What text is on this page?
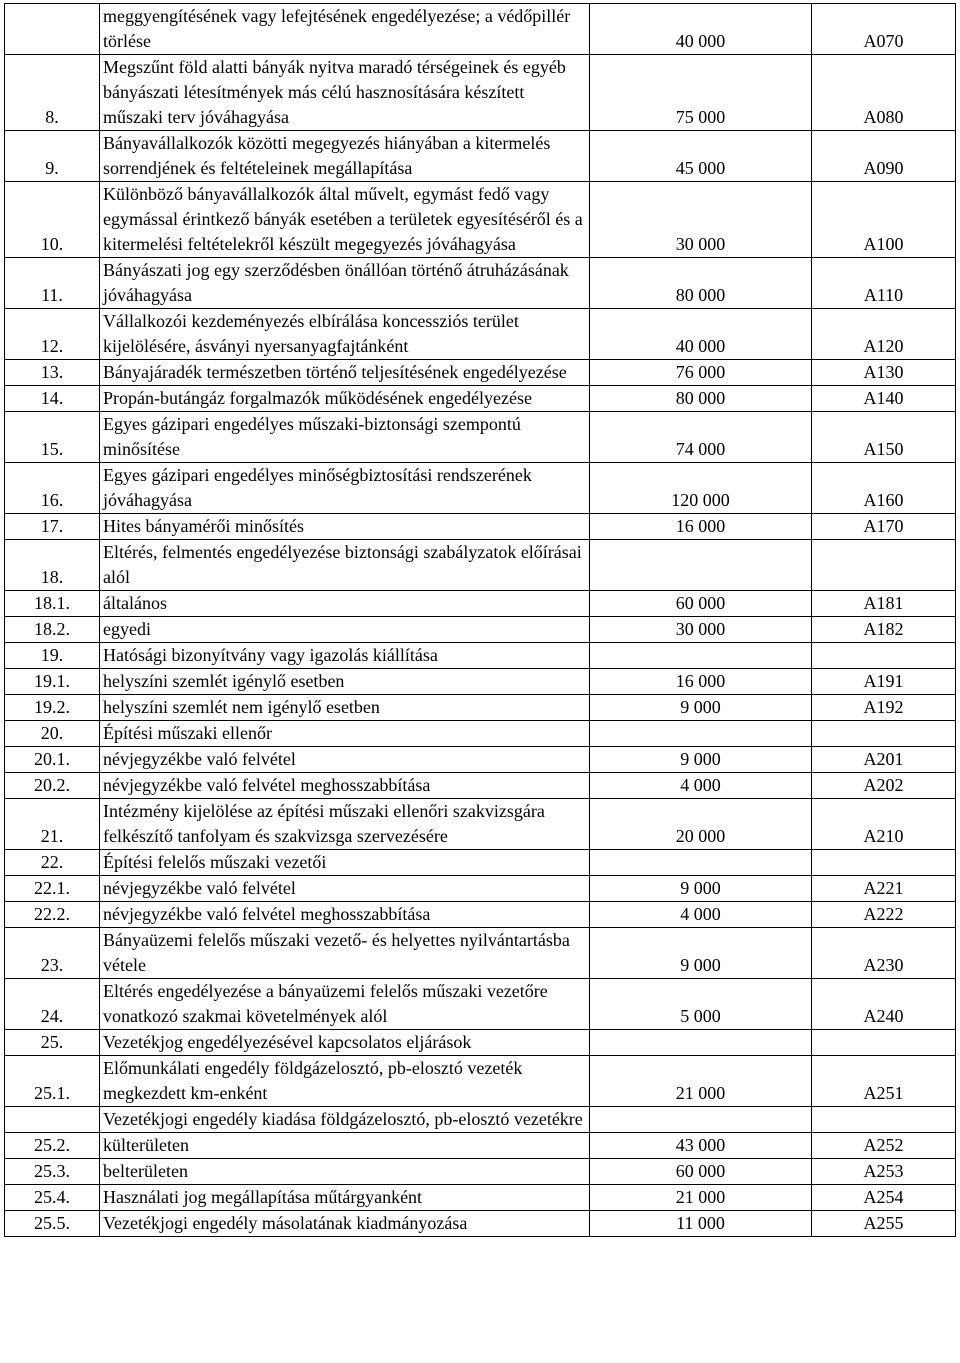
	meggyengítésének vagy lefejtésének engedélyezése; a védőpillér törlése	40 000	A070
8.	Megszűnt föld alatti bányák nyitva maradó térségeinek és egyéb bányászati létesítmények más célú hasznosítására készített műszaki terv jóváhagyása	75 000	A080
9.	Bányavállalkozók közötti megegyezés hiányában a kitermelés sorrendjének és feltételeinek megállapítása	45 000	A090
10.	Különböző bányavállalkozók által művelt, egymást fedő vagy egymással érintkező bányák esetében a területek egyesítéséről és a kitermelési feltételekről készült megegyezés jóváhagyása	30 000	A100
11.	Bányászati jog egy szerződésben önállóan történő átruházásának jóváhagyása	80 000	A110
12.	Vállalkozói kezdeményezés elbírálása koncessziós terület kijelölésére, ásványi nyersanyagfajtánként	40 000	A120
13.	Bányajáradék természetben történő teljesítésének engedélyezése	76 000	A130
14.	Propán-butángáz forgalmazók működésének engedélyezése	80 000	A140
15.	Egyes gázipari engedélyes műszaki-biztonsági szempontú minősítése	74 000	A150
16.	Egyes gázipari engedélyes minőségbiztosítási rendszerének jóváhagyása	120 000	A160
17.	Hites bányamérői minősítés	16 000	A170
18.	Eltérés, felmentés engedélyezése biztonsági szabályzatok előírásai alól		
18.1.	általános	60 000	A181
18.2.	egyedi	30 000	A182
19.	Hatósági bizonyítvány vagy igazolás kiállítása		
19.1.	helyszíni szemlét igénylő esetben	16 000	A191
19.2.	helyszíni szemlét nem igénylő esetben	9 000	A192
20.	Építési műszaki ellenőr		
20.1.	névjegyzékbe való felvétel	9 000	A201
20.2.	névjegyzékbe való felvétel meghosszabbítása	4 000	A202
21.	Intézmény kijelölése az építési műszaki ellenőri szakvizsgára felkészítő tanfolyam és szakvizsga szervezésére	20 000	A210
22.	Építési felelős műszaki vezetői		
22.1.	névjegyzékbe való felvétel	9 000	A221
22.2.	névjegyzékbe való felvétel meghosszabbítása	4 000	A222
23.	Bányaüzemi felelős műszaki vezető- és helyettes nyilvántartásba vétele	9 000	A230
24.	Eltérés engedélyezése a bányaüzemi felelős műszaki vezetőre vonatkozó szakmai követelmények alól	5 000	A240
25.	Vezetékjog engedélyezésével kapcsolatos eljárások		
25.1.	Előmunkálati engedély földgázelosztó, pb-elosztó vezeték megkezdett km-enként	21 000	A251
	Vezetékjogi engedély kiadása földgázelosztó, pb-elosztó vezetékre		
25.2.	külterületen	43 000	A252
25.3.	belterületen	60 000	A253
25.4.	Használati jog megállapítása műtárgyanként	21 000	A254
25.5.	Vezetékjogi engedély másolatának kiadmányozása	11 000	A255
